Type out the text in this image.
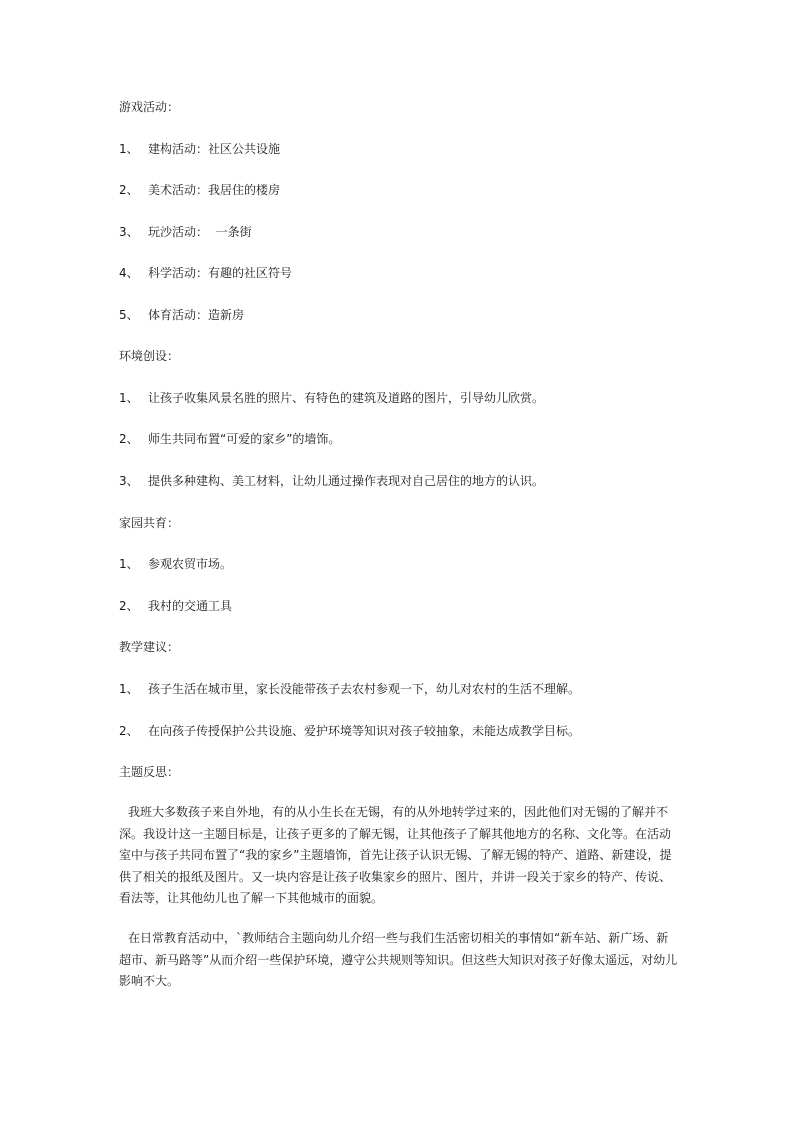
游戏活动：
1、 建构活动：社区公共设施
2、 美术活动：我居住的楼房
3、 玩沙活动：  一条街
4、 科学活动：有趣的社区符号
5、 体育活动：造新房
环境创设：
1、 让孩子收集风景名胜的照片、有特色的建筑及道路的图片，引导幼儿欣赏。
2、 师生共同布置“可爱的家乡”的墙饰。
3、 提供多种建构、美工材料，让幼儿通过操作表现对自己居住的地方的认识。
家园共育：
1、 参观农贸市场。
2、 我村的交通工具
教学建议：
1、 孩子生活在城市里，家长没能带孩子去农村参观一下，幼儿对农村的生活不理解。
2、 在向孩子传授保护公共设施、爱护环境等知识对孩子较抽象，未能达成教学目标。
主题反思：
我班大多数孩子来自外地，有的从小生长在无锡，有的从外地转学过来的，因此他们对无锡的了解并不深。我设计这一主题目标是，让孩子更多的了解无锡，让其他孩子了解其他地方的名称、文化等。在活动室中与孩子共同布置了“我的家乡”主题墙饰，首先让孩子认识无锡、了解无锡的特产、道路、新建设，提供了相关的报纸及图片。又一块内容是让孩子收集家乡的照片、图片，并讲一段关于家乡的特产、传说、看法等，让其他幼儿也了解一下其他城市的面貌。
在日常教育活动中，`教师结合主题向幼儿介绍一些与我们生活密切相关的事情如“新车站、新广场、新超市、新马路等”从而介绍一些保护环境，遵守公共规则等知识。但这些大知识对孩子好像太遥远，对幼儿影响不大。
